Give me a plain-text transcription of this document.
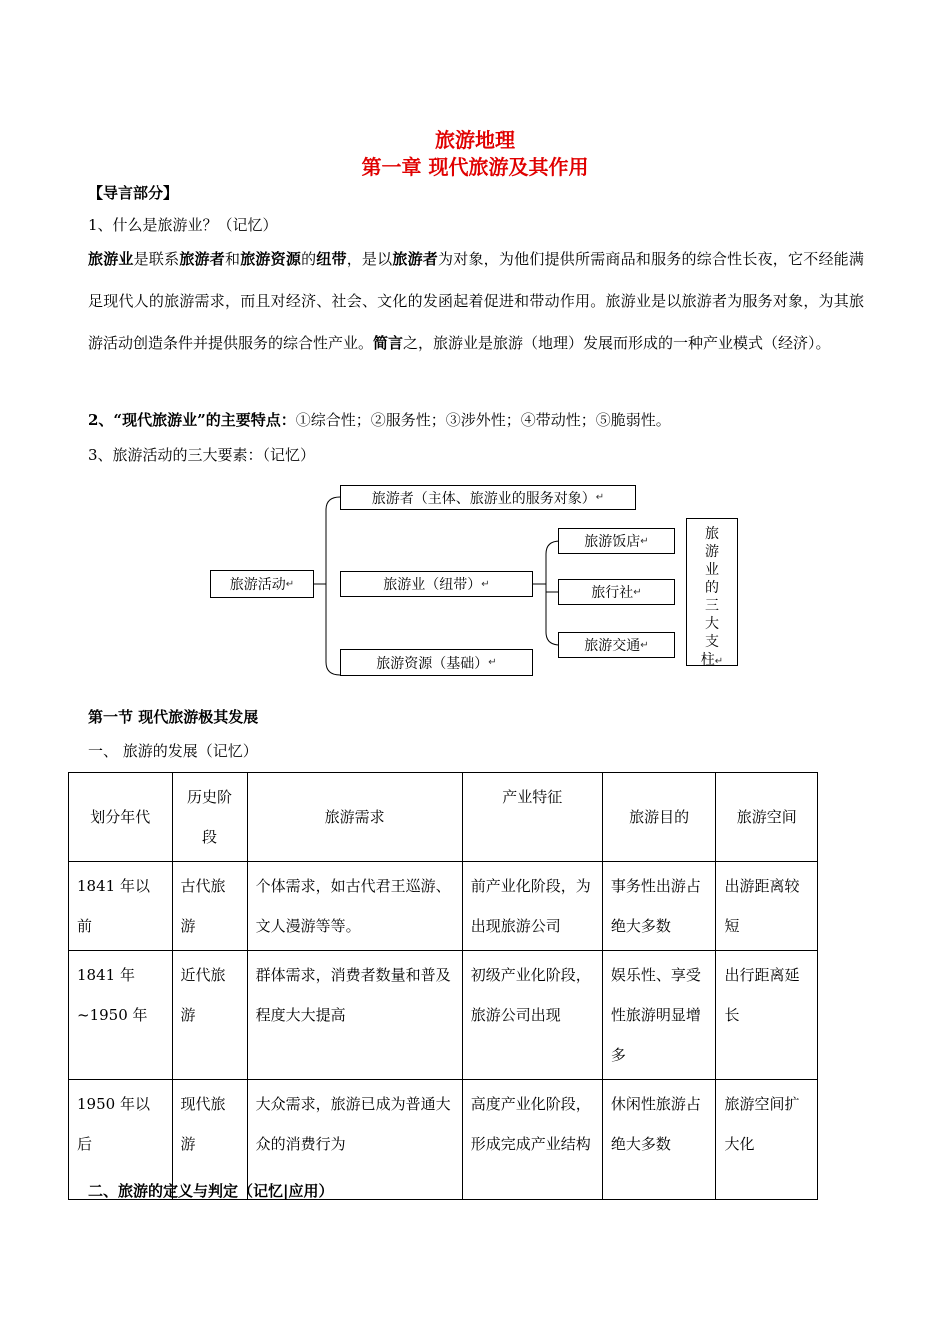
旅游地理
第一章 现代旅游及其作用
【导言部分】
1、什么是旅游业？（记忆）
旅游业是联系旅游者和旅游资源的纽带，是以旅游者为对象，为他们提供所需商品和服务的综合性长夜，它不经能满足现代人的旅游需求，而且对经济、社会、文化的发函起着促进和带动作用。旅游业是以旅游者为服务对象，为其旅游活动创造条件并提供服务的综合性产业。简言之，旅游业是旅游（地理）发展而形成的一种产业模式（经济）。
2、“现代旅游业”的主要特点：①综合性；②服务性；③涉外性；④带动性；⑤脆弱性。
3、旅游活动的三大要素：（记忆）
旅游活动 ↵
旅游者（主体、旅游业的服务对象） ↵
旅游业（纽带） ↵
旅游资源（基础） ↵
旅游饭店 ↵
旅行社 ↵
旅游交通 ↵
旅
游
业
的
三
大
支
柱↵
第一节 现代旅游极其发展
一、 旅游的发展（记忆）
划分年代	历史阶段	旅游需求	产业特征	旅游目的	旅游空间
1841 年以前	古代旅游	个体需求，如古代君王巡游、文人漫游等等。	前产业化阶段，为出现旅游公司	事务性出游占绝大多数	出游距离较短
1841 年 ~1950 年	近代旅游	群体需求，消费者数量和普及程度大大提高	初级产业化阶段，旅游公司出现	娱乐性、享受性旅游明显增多	出行距离延长
1950 年以后	现代旅游	大众需求，旅游已成为普通大众的消费行为	高度产业化阶段，形成完成产业结构	休闲性旅游占绝大多数	旅游空间扩大化
二、旅游的定义与判定（记忆|应用）
